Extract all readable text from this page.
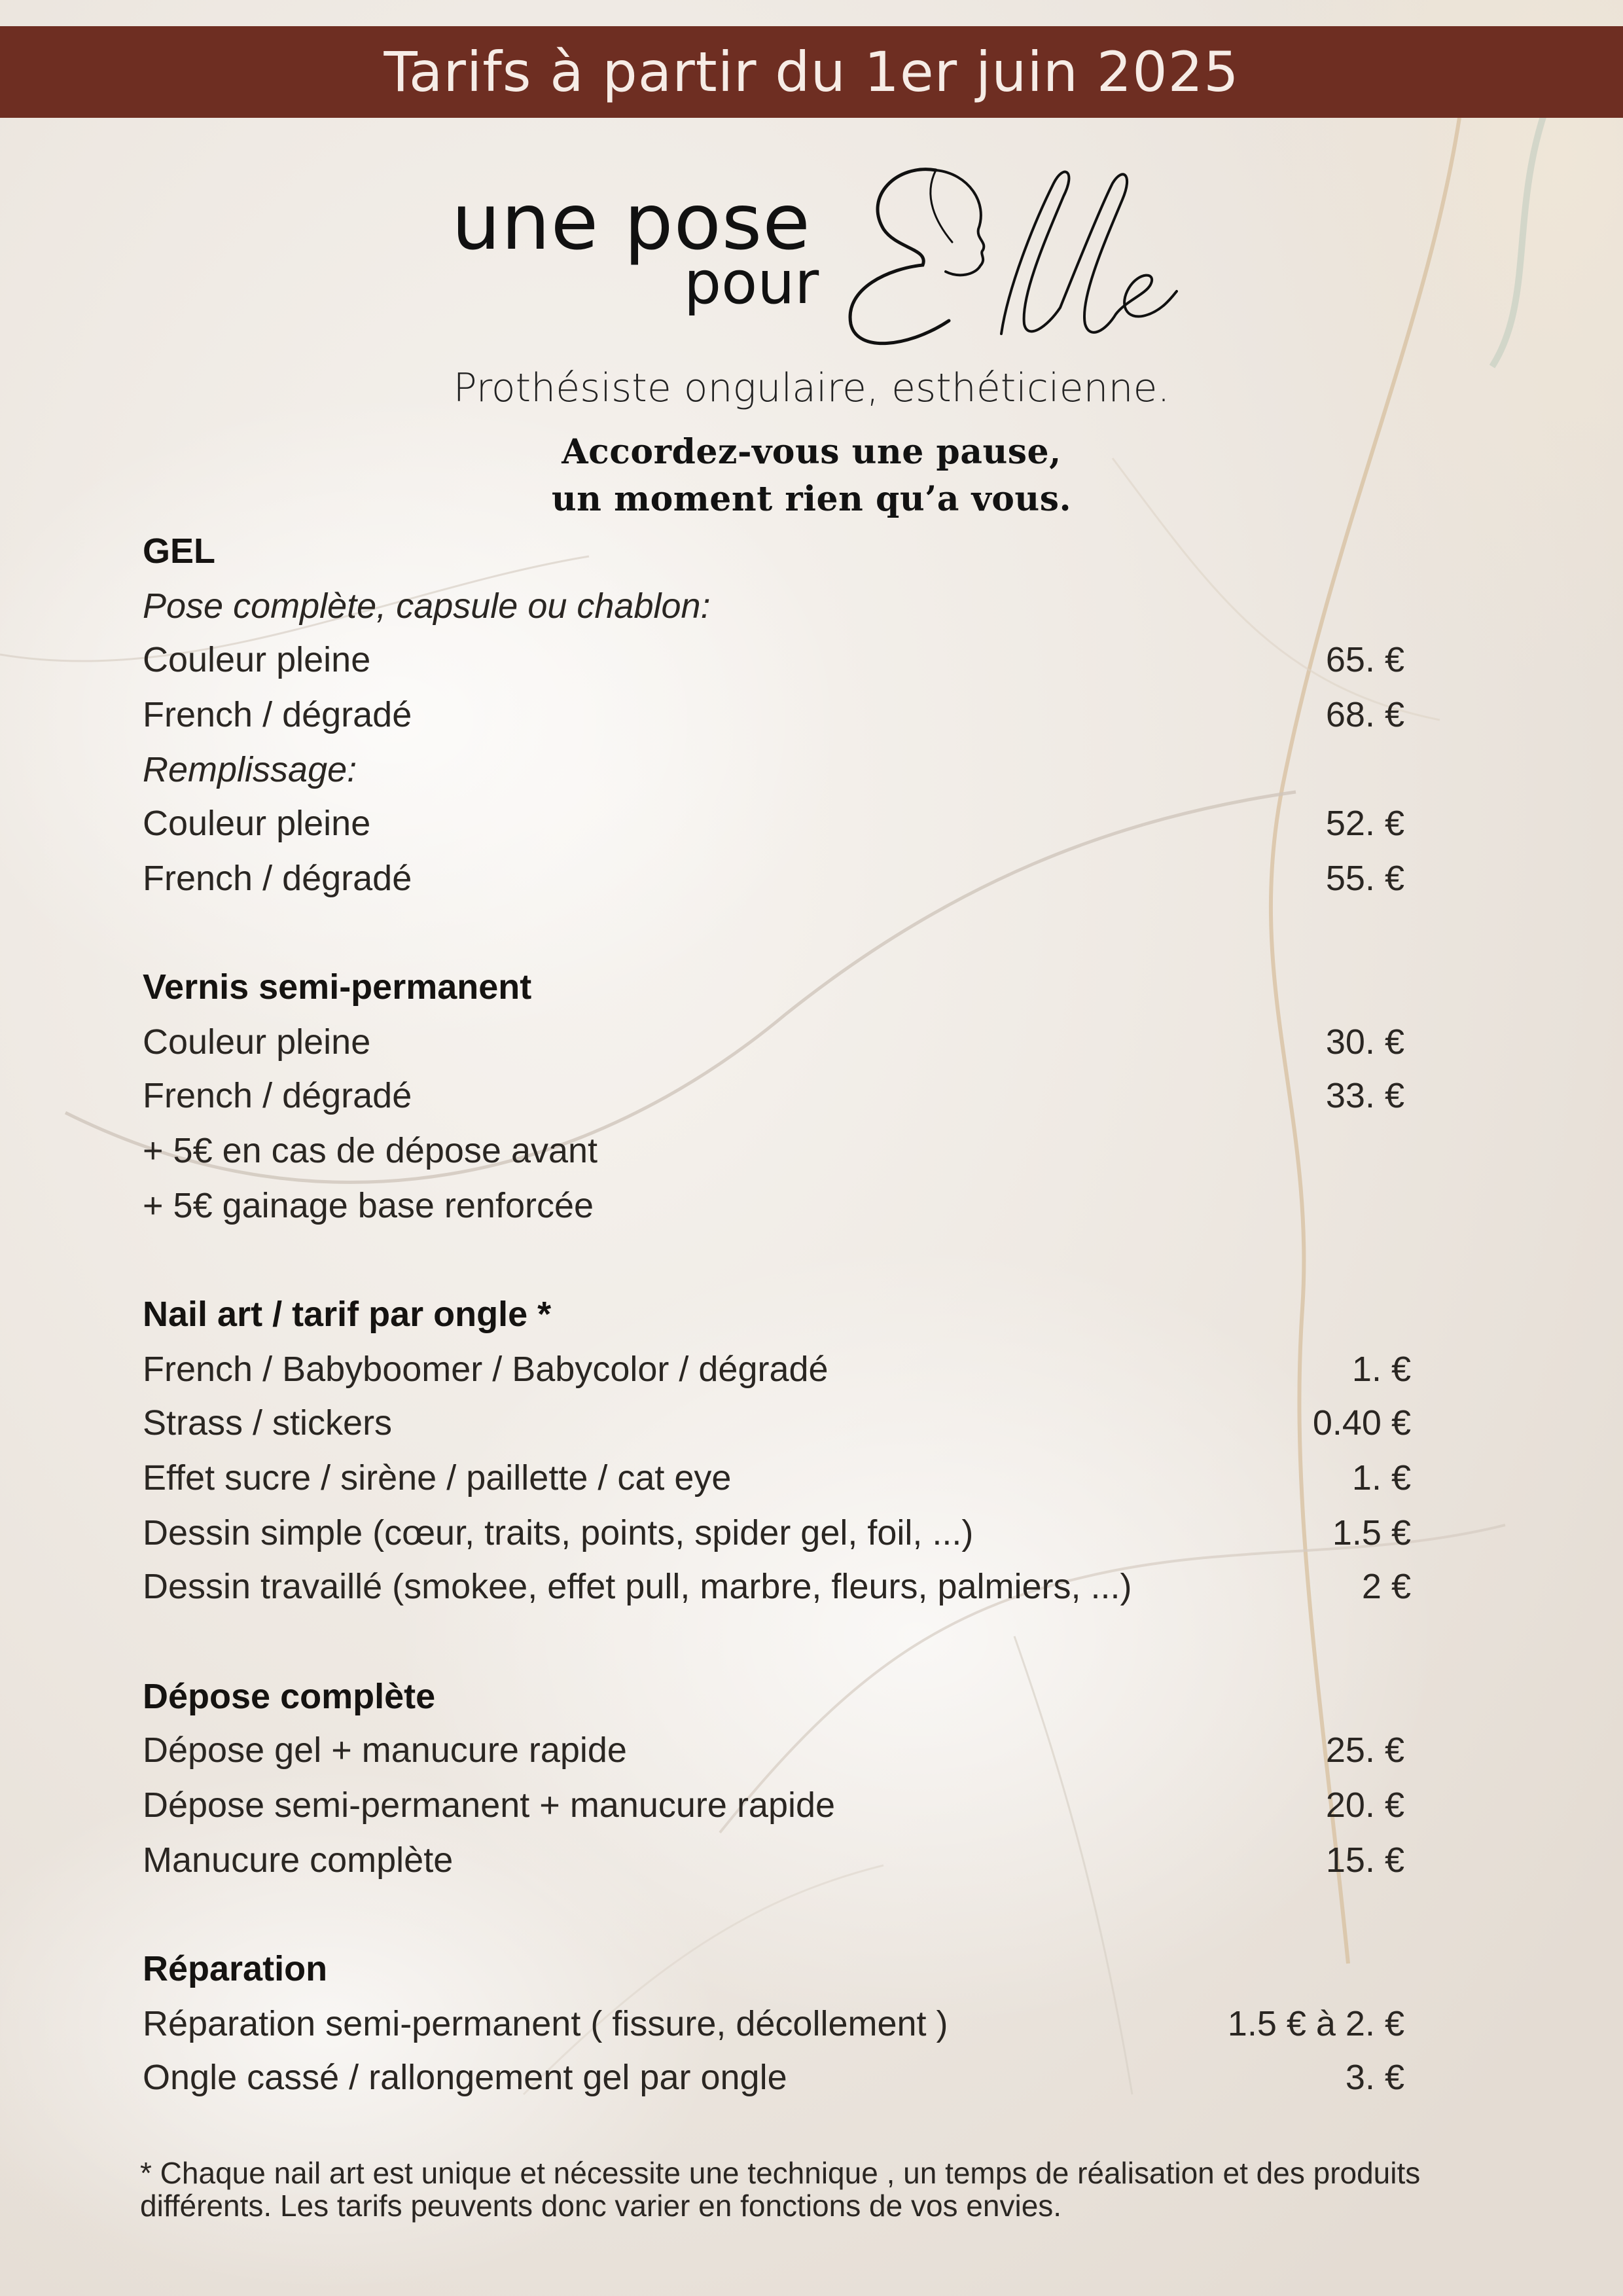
Tarifs à partir du 1er juin 2025
une pose
pour
Prothésiste ongulaire, esthéticienne.
Accordez-vous une pause,
un moment rien qu’a vous.
GEL
Pose complète, capsule ou chablon:
Couleur pleine	65. €
French / dégradé	68. €
Remplissage:
Couleur pleine	52. €
French / dégradé	55. €
Vernis semi-permanent
Couleur pleine	30. €
French / dégradé	33. €
+ 5€ en cas de dépose avant
+ 5€ gainage base renforcée
Nail art / tarif par ongle *
French / Babyboomer / Babycolor / dégradé	1. €
Strass / stickers	0.40 €
Effet sucre / sirène / paillette / cat eye	1. €
Dessin simple (cœur, traits, points, spider gel, foil, ...)	1.5 €
Dessin travaillé (smokee, effet pull, marbre, fleurs, palmiers, ...)	2 €
Dépose complète
Dépose gel + manucure rapide	25. €
Dépose semi-permanent + manucure rapide	20. €
Manucure complète	15. €
Réparation
Réparation semi-permanent ( fissure, décollement )	1.5 € à 2. €
Ongle cassé / rallongement gel par ongle	3. €
* Chaque nail art est unique et nécessite une technique , un temps de réalisation et des produits différents. Les tarifs peuvents donc varier en fonctions de vos envies.
